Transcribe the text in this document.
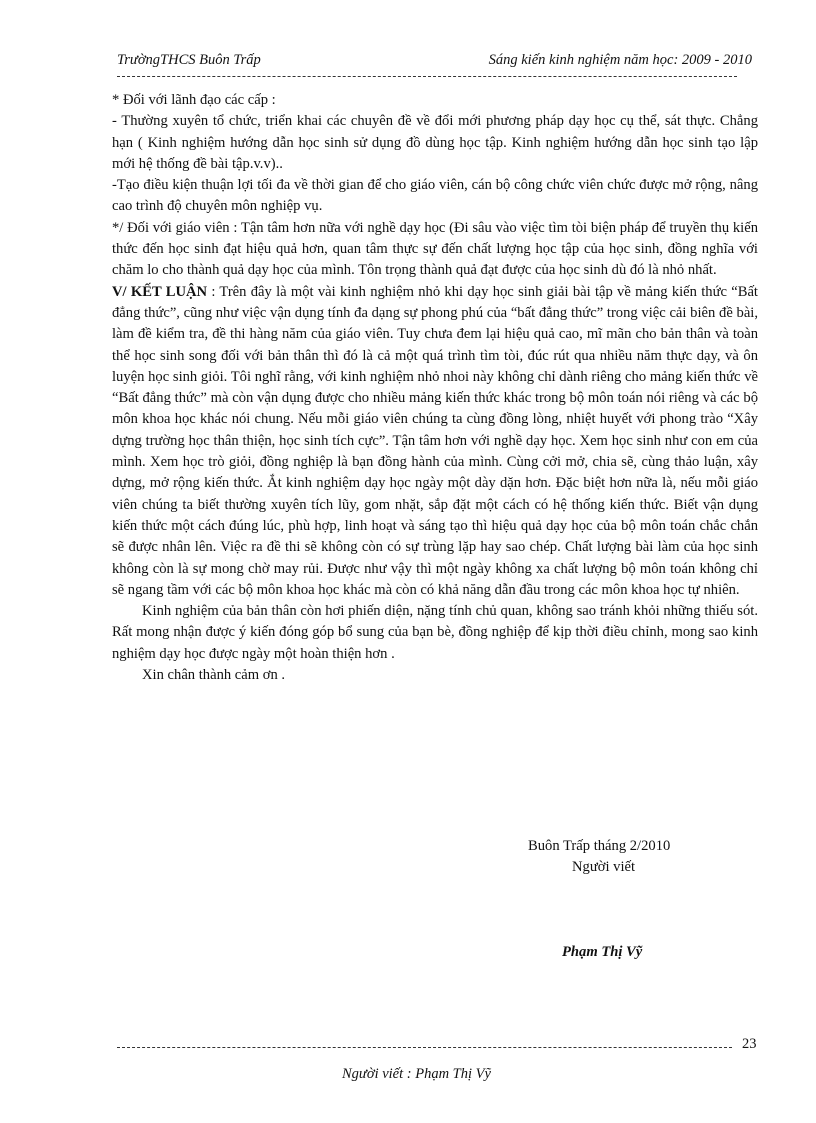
TrườngTHCS Buôn Trấp	Sáng kiến kinh nghiệm năm học: 2009 - 2010

* Đối với lãnh đạo các cấp :

- Thường xuyên tổ chức, triển khai các chuyên đề về đổi mới phương pháp dạy học cụ thể, sát thực. Chẳng hạn ( Kinh nghiệm hướng dẫn học sinh sử dụng đồ dùng học tập. Kinh nghiệm hướng dẫn học sinh tạo lập mới hệ thống đề bài tập.v.v)..

-Tạo điều kiện thuận lợi tối đa về thời gian để cho giáo viên, cán bộ công chức viên chức được mở rộng, nâng cao trình độ chuyên môn nghiệp vụ.

*/ Đối với giáo viên : Tận tâm hơn nữa với nghề dạy học (Đi sâu vào việc tìm tòi biện pháp để truyền thụ kiến thức đến học sinh đạt hiệu quả hơn, quan tâm thực sự đến chất lượng học tập của học sinh, đồng nghĩa với chăm lo cho thành quả dạy học của mình. Tôn trọng thành quả đạt được của học sinh dù đó là nhỏ nhất.

V/ KẾT LUẬN : Trên đây là một vài kinh nghiệm nhỏ khi dạy học sinh giải bài tập về mảng kiến thức “Bất đẳng thức”, cũng như việc vận dụng tính đa dạng sự phong phú của “bất đẳng thức” trong việc cải biên đề bài, làm đề kiểm tra, đề thi hàng năm của giáo viên. Tuy chưa đem lại hiệu quả cao, mĩ mãn cho bản thân và toàn thể học sinh song đối với bản thân thì đó là cả một quá trình tìm tòi, đúc rút qua nhiều năm thực dạy, và ôn luyện học sinh giỏi. Tôi nghĩ rằng, với kinh nghiệm nhỏ nhoi này không chỉ dành riêng cho mảng kiến thức về “Bất đẳng thức” mà còn vận dụng được cho nhiều mảng kiến thức khác trong bộ môn toán nói riêng và các bộ môn khoa học khác nói chung. Nếu mỗi giáo viên chúng ta cùng đồng lòng, nhiệt huyết với phong trào “Xây dựng trường học thân thiện, học sinh tích cực”. Tận tâm hơn với nghề dạy học. Xem học sinh như con em của mình. Xem học trò giỏi, đồng nghiệp là bạn đồng hành của mình. Cùng cởi mở, chia sẽ, cùng thảo luận, xây dựng, mở rộng kiến thức. Ắt kinh nghiệm dạy học ngày một dày dặn hơn. Đặc biệt hơn nữa là, nếu mỗi giáo viên chúng ta biết thường xuyên tích lũy, gom nhặt, sắp đặt một cách có hệ thống kiến thức. Biết vận dụng kiến thức một cách đúng lúc, phù hợp, linh hoạt và sáng tạo thì hiệu quả dạy học của bộ môn toán chắc chắn sẽ được nhân lên. Việc ra đề thi sẽ không còn có sự trùng lặp hay sao chép. Chất lượng bài làm của học sinh không còn là sự mong chờ may rủi. Được như vậy thì một ngày không xa chất lượng bộ môn toán không chỉ sẽ ngang tầm với các bộ môn khoa học khác mà còn có khả năng dẫn đầu trong các môn khoa học tự nhiên.

Kinh nghiệm của bản thân còn hơi phiến diện, nặng tính chủ quan, không sao tránh khỏi những thiếu sót. Rất mong nhận được ý kiến đóng góp bổ sung của bạn bè, đồng nghiệp để kịp thời điều chỉnh, mong sao kinh nghiệm dạy học được ngày một hoàn thiện hơn .

Xin chân thành cảm ơn .

Buôn Trấp tháng 2/2010
Người viết
Phạm Thị Vỹ
23
Người viết : Phạm Thị Vỹ
